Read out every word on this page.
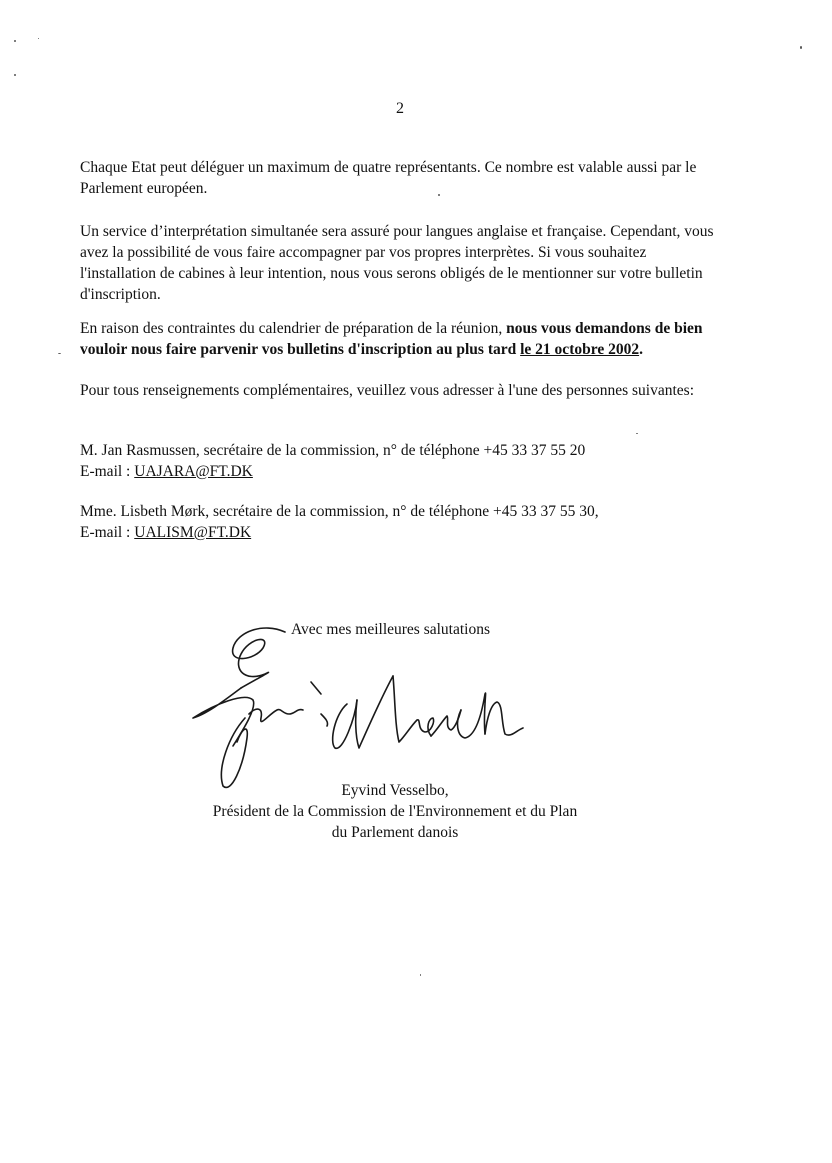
2

Chaque Etat peut déléguer un maximum de quatre représentants. Ce nombre est valable aussi par le Parlement européen.

Un service d’interprétation simultanée sera assuré pour langues anglaise et française. Cependant, vous avez la possibilité de vous faire accompagner par vos propres interprètes. Si vous souhaitez l'installation de cabines à leur intention, nous vous serons obligés de le mentionner sur votre bulletin d'inscription.

En raison des contraintes du calendrier de préparation de la réunion, nous vous demandons de bien vouloir nous faire parvenir vos bulletins d'inscription au plus tard le 21 octobre 2002.

Pour tous renseignements complémentaires, veuillez vous adresser à l'une des personnes suivantes:

M. Jan Rasmussen, secrétaire de la commission, n° de téléphone +45 33 37 55 20
E-mail : UAJARA@FT.DK
Mme. Lisbeth Mørk, secrétaire de la commission, n° de téléphone +45 33 37 55 30,
E-mail : UALISM@FT.DK
Avec mes meilleures salutations
Eyvind Vesselbo,
Président de la Commission de l'Environnement et du Plan
du Parlement danois
